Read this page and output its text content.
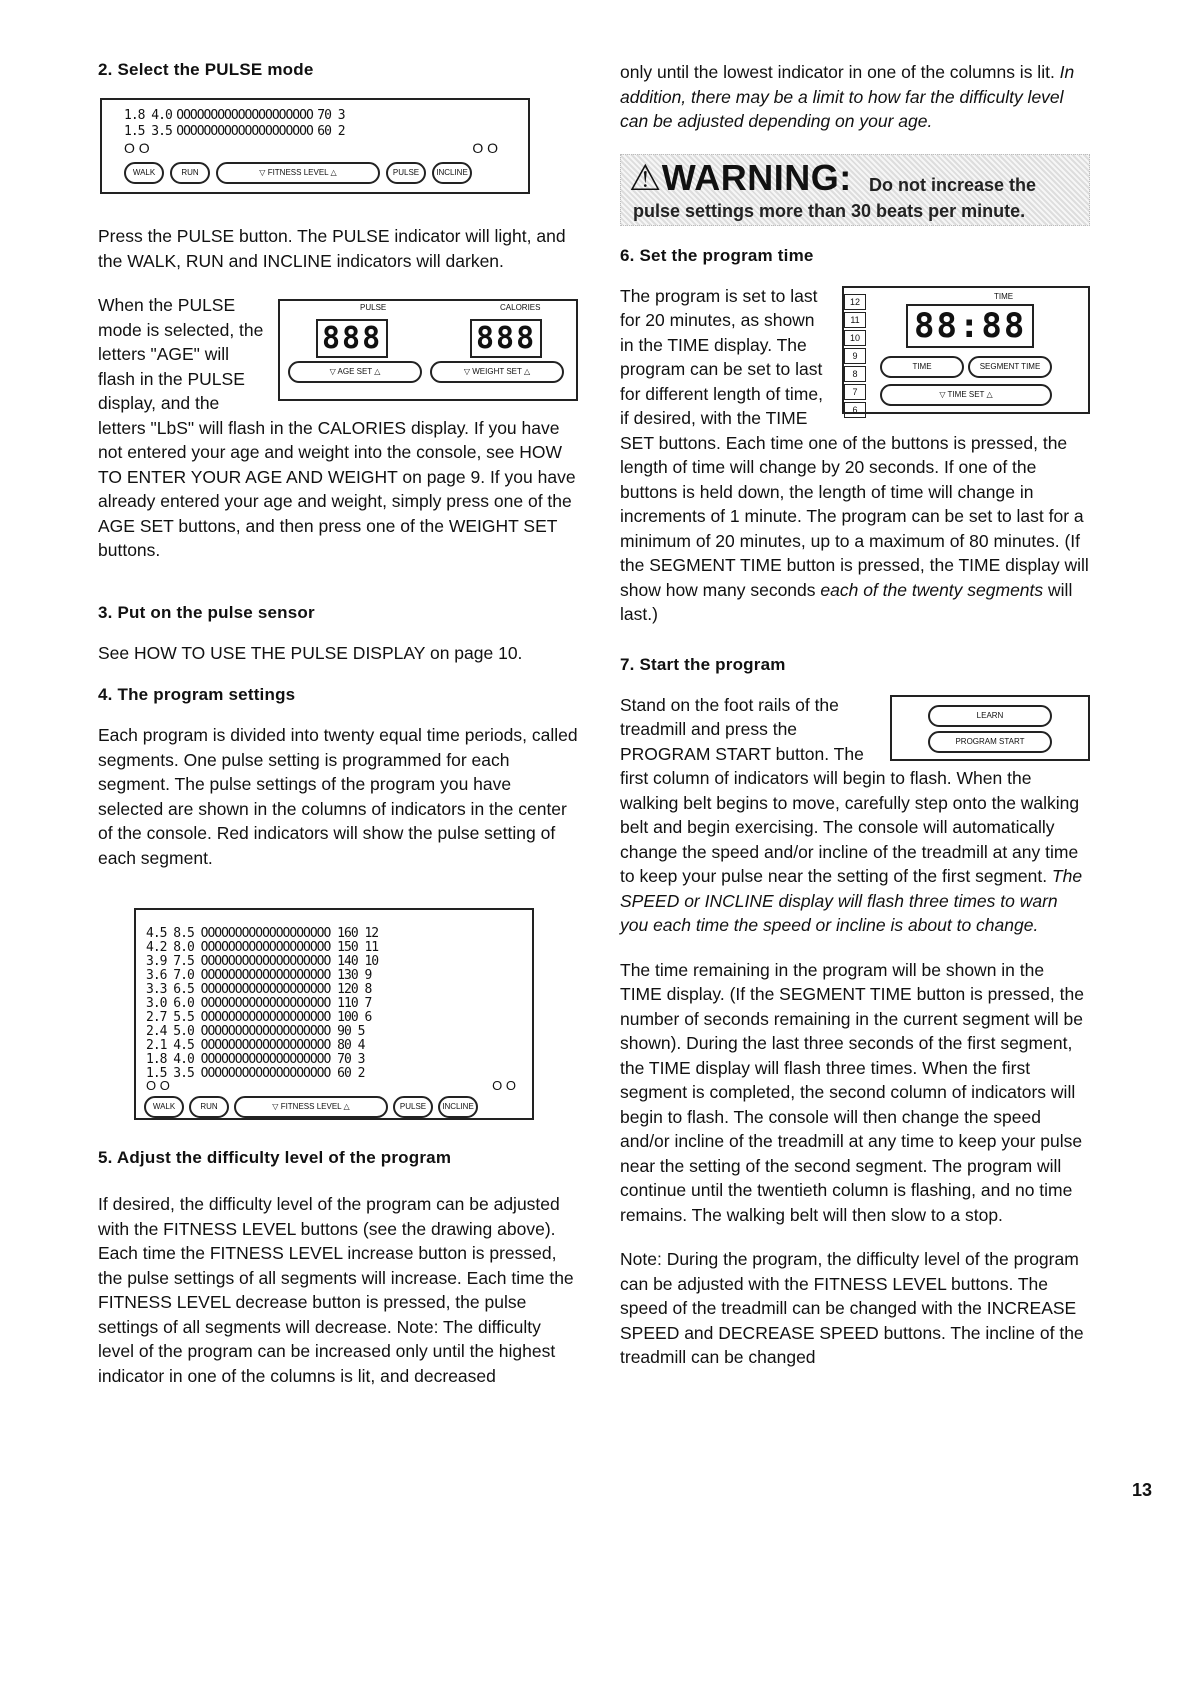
2. Select the PULSE mode
1.8 4.0 OOOOOOOOOOOOOOOOOOOO 70 3
1.5 3.5 OOOOOOOOOOOOOOOOOOOO 60 2
O O	O O
WALK	RUN	▽ FITNESS LEVEL △	PULSE	INCLINE

Press the PULSE button. The PULSE indicator will light, and the WALK, RUN and INCLINE indicators will darken.

PULSE	CALORIES
888	888
▽ AGE SET △	▽ WEIGHT SET △

When the PULSE mode is selected, the letters "AGE" will flash in the PULSE display, and the letters "LbS" will flash in the CALORIES display. If you have not entered your age and weight into the console, see HOW TO ENTER YOUR AGE AND WEIGHT on page 9. If you have already entered your age and weight, simply press one of the AGE SET buttons, and then press one of the WEIGHT SET buttons.

3. Put on the pulse sensor

See HOW TO USE THE PULSE DISPLAY on page 10.

4. The program settings

Each program is divided into twenty equal time periods, called segments. One pulse setting is programmed for each segment. The pulse settings of the program you have selected are shown in the columns of indicators in the center of the console. Red indicators will show the pulse setting of each segment.

4.5 8.5 OOOOOOOOOOOOOOOOOOO 160 12
4.2 8.0 OOOOOOOOOOOOOOOOOOO 150 11
3.9 7.5 OOOOOOOOOOOOOOOOOOO 140 10
3.6 7.0 OOOOOOOOOOOOOOOOOOO 130 9
3.3 6.5 OOOOOOOOOOOOOOOOOOO 120 8
3.0 6.0 OOOOOOOOOOOOOOOOOOO 110 7
2.7 5.5 OOOOOOOOOOOOOOOOOOO 100 6
2.4 5.0 OOOOOOOOOOOOOOOOOOO 90 5
2.1 4.5 OOOOOOOOOOOOOOOOOOO 80 4
1.8 4.0 OOOOOOOOOOOOOOOOOOO 70 3
1.5 3.5 OOOOOOOOOOOOOOOOOOO 60 2
O O	O O
WALK	RUN	▽ FITNESS LEVEL △	PULSE	INCLINE
5. Adjust the difficulty level of the program

If desired, the difficulty level of the program can be adjusted with the FITNESS LEVEL buttons (see the drawing above). Each time the FITNESS LEVEL increase button is pressed, the pulse settings of all segments will increase. Each time the FITNESS LEVEL decrease button is pressed, the pulse settings of all segments will decrease. Note: The difficulty level of the program can be increased only until the highest indicator in one of the columns is lit, and decreased

only until the lowest indicator in one of the columns is lit. In addition, there may be a limit to how far the difficulty level can be adjusted depending on your age.

⚠WARNING: Do not increase the
pulse settings more than 30 beats per minute.
6. Set the program time
12
11
10
9
8
7
6
TIME
88:88
TIME	SEGMENT TIME
▽ TIME SET △

The program is set to last for 20 minutes, as shown in the TIME display. The program can be set to last for different length of time, if desired, with the TIME SET buttons. Each time one of the buttons is pressed, the length of time will change by 20 seconds. If one of the buttons is held down, the length of time will change in increments of 1 minute. The program can be set to last for a minimum of 20 minutes, up to a maximum of 80 minutes. (If the SEGMENT TIME button is pressed, the TIME display will show how many seconds each of the twenty segments will last.)

7. Start the program
LEARN
PROGRAM START

Stand on the foot rails of the treadmill and press the PROGRAM START button. The first column of indicators will begin to flash. When the walking belt begins to move, carefully step onto the walking belt and begin exercising. The console will automatically change the speed and/or incline of the treadmill at any time to keep your pulse near the setting of the first segment. The SPEED or INCLINE display will flash three times to warn you each time the speed or incline is about to change.

The time remaining in the program will be shown in the TIME display. (If the SEGMENT TIME button is pressed, the number of seconds remaining in the current segment will be shown). During the last three seconds of the first segment, the TIME display will flash three times. When the first segment is completed, the second column of indicators will begin to flash. The console will then change the speed and/or incline of the treadmill at any time to keep your pulse near the setting of the second segment. The program will continue until the twentieth column is flashing, and no time remains. The walking belt will then slow to a stop.

Note: During the program, the difficulty level of the program can be adjusted with the FITNESS LEVEL buttons. The speed of the treadmill can be changed with the INCREASE SPEED and DECREASE SPEED buttons. The incline of the treadmill can be changed

13
